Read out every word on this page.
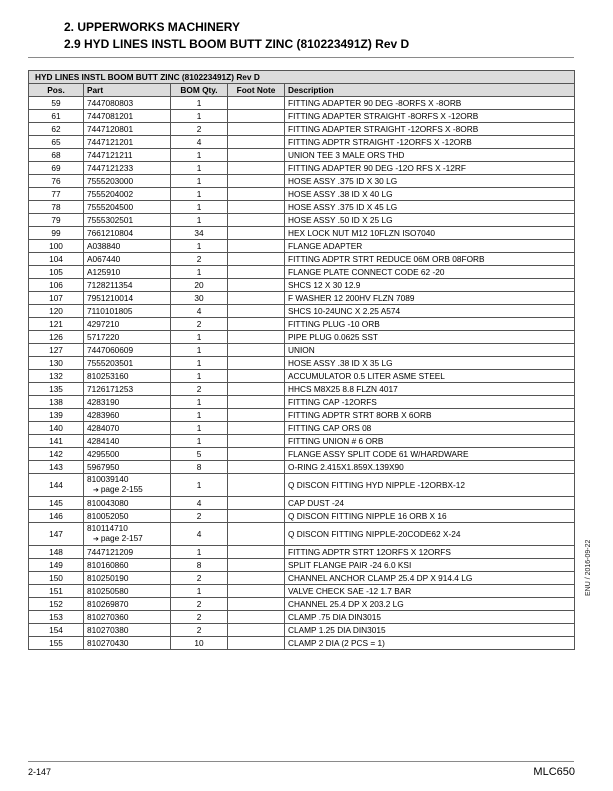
2. UPPERWORKS MACHINERY
2.9 HYD LINES INSTL BOOM BUTT ZINC (810223491Z) Rev D
HYD LINES INSTL BOOM BUTT ZINC (810223491Z) Rev D				
Pos.	Part	BOM Qty.	Foot Note	Description
59	7447080803	1		FITTING ADAPTER 90 DEG -8ORFS X -8ORB
61	7447081201	1		FITTING ADAPTER STRAIGHT -8ORFS X -12ORB
62	7447120801	2		FITTING ADAPTER STRAIGHT -12ORFS X -8ORB
65	7447121201	4		FITTING ADPTR STRAIGHT -12ORFS X -12ORB
68	7447121211	1		UNION TEE 3 MALE ORS THD
69	7447121233	1		FITTING ADAPTER 90 DEG -12O RFS X -12RF
76	7555203000	1		HOSE ASSY .375 ID X 30 LG
77	7555204002	1		HOSE ASSY .38 ID X 40 LG
78	7555204500	1		HOSE ASSY .375 ID X 45 LG
79	7555302501	1		HOSE ASSY .50 ID X 25 LG
99	7661210804	34		HEX LOCK NUT M12 10FLZN ISO7040
100	A038840	1		FLANGE ADAPTER
104	A067440	2		FITTING ADPTR STRT REDUCE 06M ORB 08FORB
105	A125910	1		FLANGE PLATE CONNECT CODE 62 -20
106	7128211354	20		SHCS 12 X 30 12.9
107	7951210014	30		F WASHER 12 200HV FLZN 7089
120	7110101805	4		SHCS 10-24UNC X 2.25 A574
121	4297210	2		FITTING PLUG -10 ORB
126	5717220	1		PIPE PLUG 0.0625 SST
127	7447060609	1		UNION
130	7555203501	1		HOSE ASSY .38 ID X 35 LG
132	810253160	1		ACCUMULATOR 0.5 LITER ASME STEEL
135	7126171253	2		HHCS M8X25 8.8 FLZN 4017
138	4283190	1		FITTING CAP -12ORFS
139	4283960	1		FITTING ADPTR STRT 8ORB X 6ORB
140	4284070	1		FITTING CAP ORS 08
141	4284140	1		FITTING UNION # 6 ORB
142	4295500	5		FLANGE ASSY SPLIT CODE 61 W/HARDWARE
143	5967950	8		O-RING 2.415X1.859X.139X90
144	810039140
➔ page 2-155	1		Q DISCON FITTING HYD NIPPLE -12ORBX-12
145	810043080	4		CAP DUST -24
146	810052050	2		Q DISCON FITTING NIPPLE 16 ORB X 16
147	810114710
➔ page 2-157	4		Q DISCON FITTING NIPPLE-20CODE62 X-24
148	7447121209	1		FITTING ADPTR STRT 12ORFS X 12ORFS
149	810160860	8		SPLIT FLANGE PAIR -24 6.0 KSI
150	810250190	2		CHANNEL ANCHOR CLAMP 25.4 DP X 914.4 LG
151	810250580	1		VALVE CHECK SAE -12 1.7 BAR
152	810269870	2		CHANNEL 25.4 DP X 203.2 LG
153	810270360	2		CLAMP .75 DIA DIN3015
154	810270380	2		CLAMP 1.25 DIA DIN3015
155	810270430	10		CLAMP 2 DIA (2 PCS = 1)
ENU / 2016-09-22
2-147	MLC650
